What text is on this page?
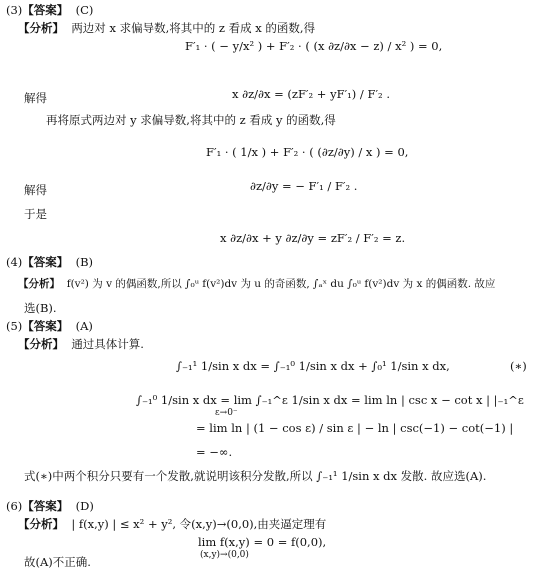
(3)【答案】 (C)
【分析】 两边对 x 求偏导数,将其中的 z 看成 x 的函数,得
F′₁ · ( − y/x² ) + F′₂ · ( (x ∂z/∂x − z) / x² ) = 0,
解得	x ∂z/∂x = (zF′₂ + yF′₁) / F′₂ .
再将原式两边对 y 求偏导数,将其中的 z 看成 y 的函数,得
F′₁ · ( 1/x ) + F′₂ · ( (∂z/∂y) / x ) = 0,
解得	∂z/∂y = − F′₁ / F′₂ .
于是
x ∂z/∂x + y ∂z/∂y = zF′₂ / F′₂ = z.
(4)【答案】 (B)
【分析】 f(v²) 为 v 的偶函数,所以 ∫₀ᵘ f(v²)dv 为 u 的奇函数, ∫ₐˣ du ∫₀ᵘ f(v²)dv 为 x 的偶函数. 故应
选(B).
(5)【答案】 (A)
【分析】 通过具体计算.
∫₋₁¹ 1/sin x dx = ∫₋₁⁰ 1/sin x dx + ∫₀¹ 1/sin x dx,	(∗)
∫₋₁⁰ 1/sin x dx = lim ∫₋₁^ε 1/sin x dx = lim ln | csc x − cot x | |₋₁^ε
ε→0⁻
= lim ln | (1 − cos ε) / sin ε | − ln | csc(−1) − cot(−1) |
= −∞.
式(∗)中两个积分只要有一个发散,就说明该积分发散,所以 ∫₋₁¹ 1/sin x dx 发散. 故应选(A).
(6)【答案】 (D)
【分析】 | f(x,y) | ≤ x² + y², 令(x,y)→(0,0),由夹逼定理有
lim f(x,y) = 0 = f(0,0),
(x,y)→(0,0)
故(A)不正确.
